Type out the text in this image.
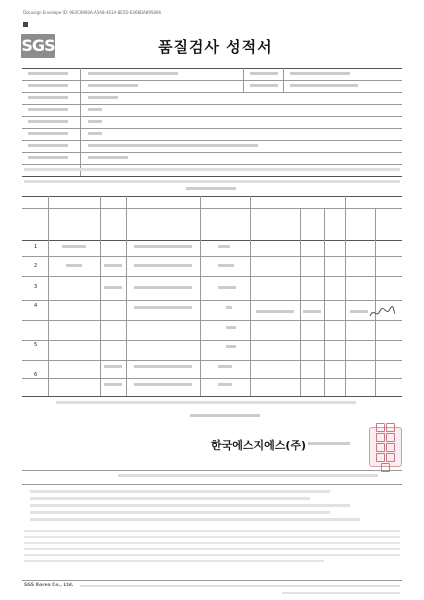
Docusign Envelope ID: 9E0C9890A-A5A8-461A-8E5D-E468DA895866
SGS	품질검사 성적서
1
2
3
4
5
6
한국에스지에스(주)
SGS Korea Co., Ltd.
